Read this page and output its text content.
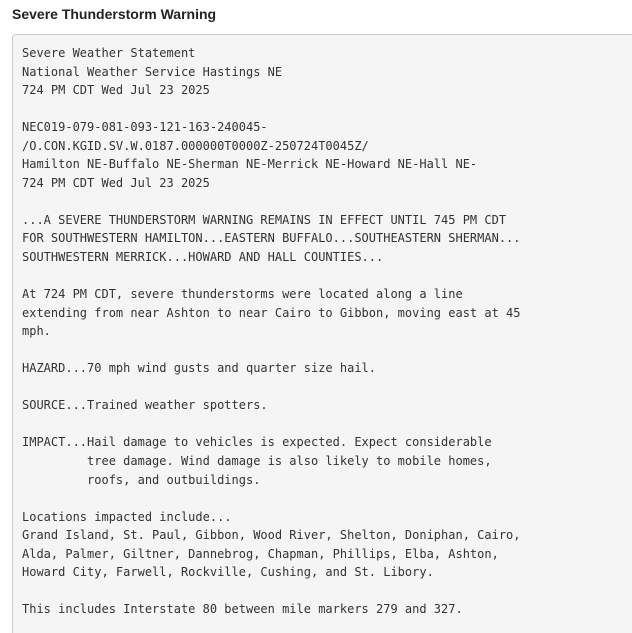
Severe Thunderstorm Warning
Severe Weather Statement
National Weather Service Hastings NE
724 PM CDT Wed Jul 23 2025

NEC019-079-081-093-121-163-240045-
/O.CON.KGID.SV.W.0187.000000T0000Z-250724T0045Z/
Hamilton NE-Buffalo NE-Sherman NE-Merrick NE-Howard NE-Hall NE-
724 PM CDT Wed Jul 23 2025

...A SEVERE THUNDERSTORM WARNING REMAINS IN EFFECT UNTIL 745 PM CDT
FOR SOUTHWESTERN HAMILTON...EASTERN BUFFALO...SOUTHEASTERN SHERMAN...
SOUTHWESTERN MERRICK...HOWARD AND HALL COUNTIES...

At 724 PM CDT, severe thunderstorms were located along a line
extending from near Ashton to near Cairo to Gibbon, moving east at 45
mph.

HAZARD...70 mph wind gusts and quarter size hail.

SOURCE...Trained weather spotters.

IMPACT...Hail damage to vehicles is expected. Expect considerable
tree damage. Wind damage is also likely to mobile homes,
roofs, and outbuildings.

Locations impacted include...
Grand Island, St. Paul, Gibbon, Wood River, Shelton, Doniphan, Cairo,
Alda, Palmer, Giltner, Dannebrog, Chapman, Phillips, Elba, Ashton,
Howard City, Farwell, Rockville, Cushing, and St. Libory.

This includes Interstate 80 between mile markers 279 and 327.
